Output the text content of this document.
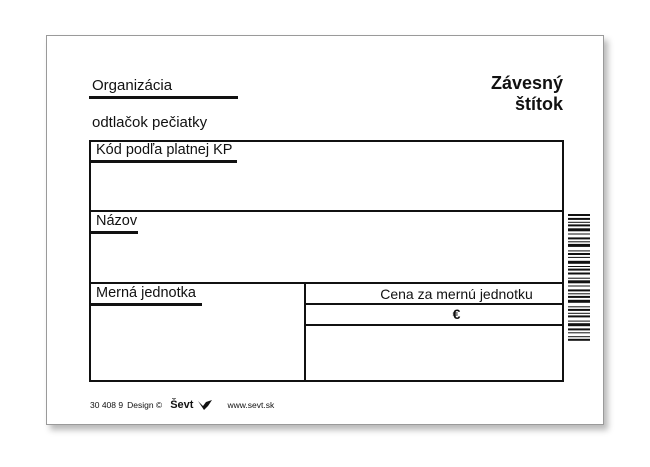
Organizácia
odtlačok pečiatky
Závesný
štítok
Kód podľa platnej KP
Názov
Merná jednotka	Cena za mernú jednotku
€
30 408 9 Design © Ševt	www.sevt.sk
